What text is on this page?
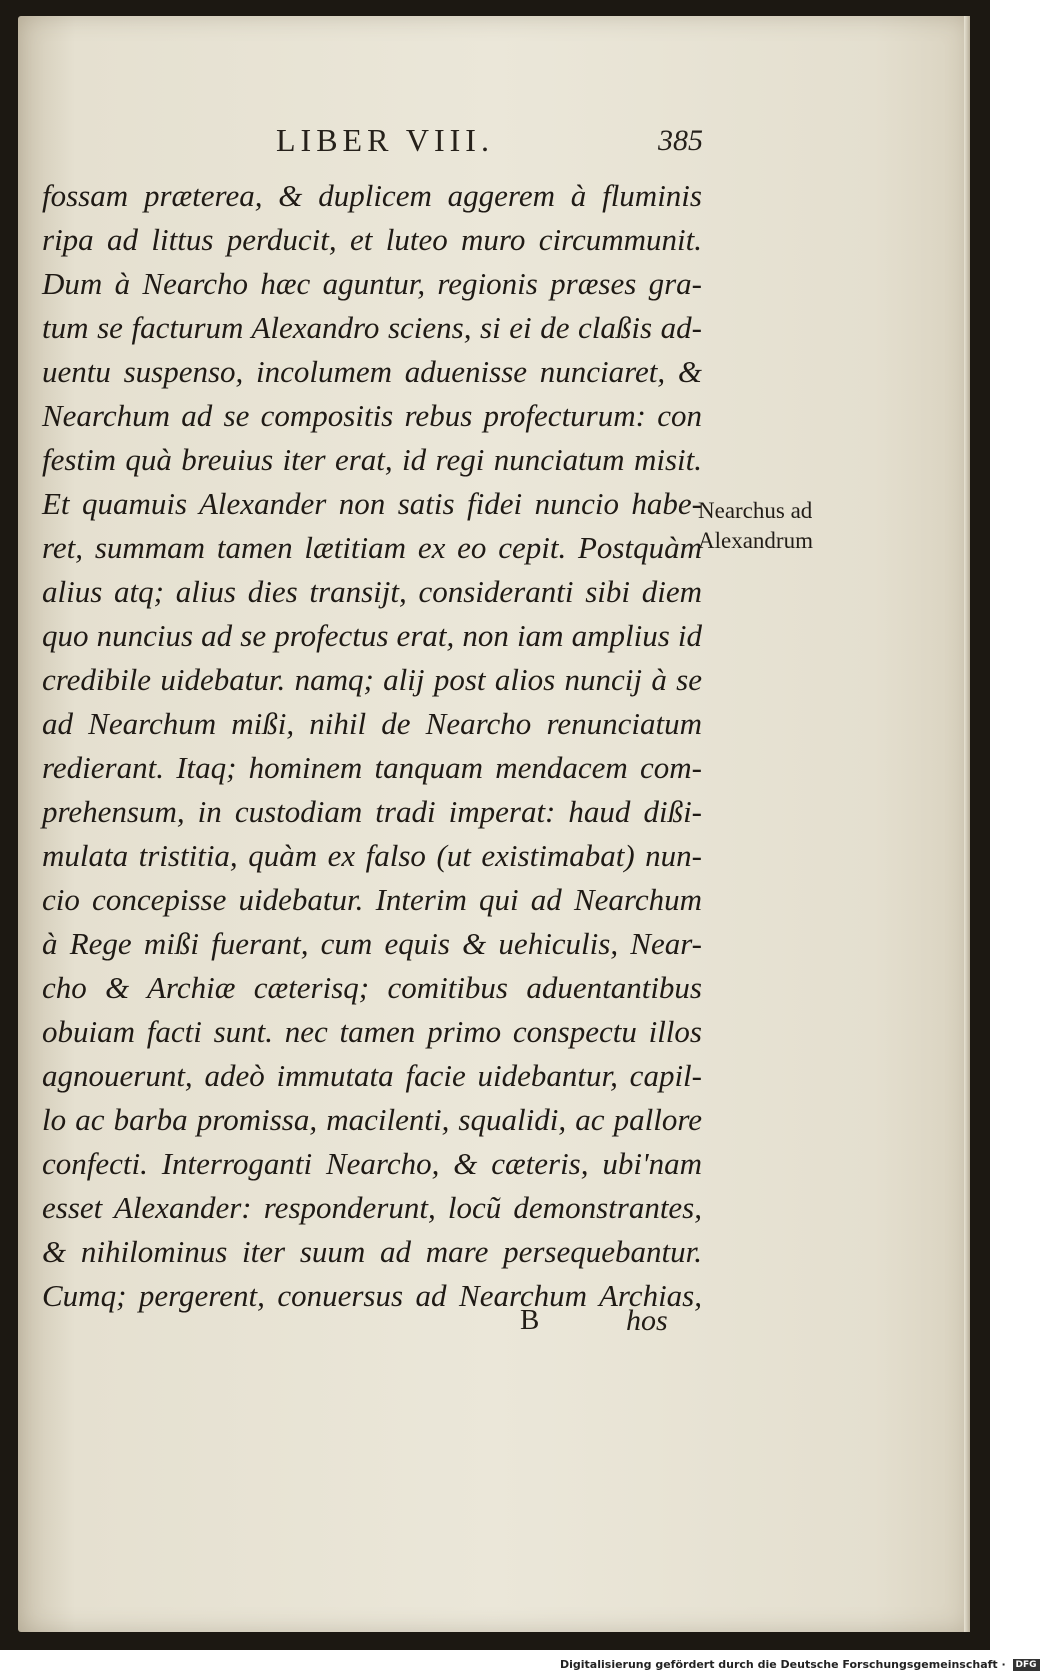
LIBER VIII.	385
fossam præterea, & duplicem aggerem à fluminis
ripa ad littus perducit, et luteo muro circummunit.
Dum à Nearcho hæc aguntur, regionis præses gra-
tum se facturum Alexandro sciens, si ei de claßis ad-
uentu suspenso, incolumem aduenisse nunciaret, &
Nearchum ad se compositis rebus profecturum: con
festim quà breuius iter erat, id regi nunciatum misit.
Et quamuis Alexander non satis fidei nuncio habe-
ret, summam tamen lætitiam ex eo cepit. Postquàm
alius atq; alius dies transijt, consideranti sibi diem
quo nuncius ad se profectus erat, non iam amplius id
credibile uidebatur. namq; alij post alios nuncij à se
ad Nearchum mißi, nihil de Nearcho renunciatum
redierant. Itaq; hominem tanquam mendacem com-
prehensum, in custodiam tradi imperat: haud dißi-
mulata tristitia, quàm ex falso (ut existimabat) nun-
cio concepisse uidebatur. Interim qui ad Nearchum
à Rege mißi fuerant, cum equis & uehiculis, Near-
cho & Archiæ cæterisq; comitibus aduentantibus
obuiam facti sunt. nec tamen primo conspectu illos
agnouerunt, adeò immutata facie uidebantur, capil-
lo ac barba promissa, macilenti, squalidi, ac pallore
confecti. Interroganti Nearcho, & cæteris, ubi'nam
esset Alexander: responderunt, locũ demonstrantes,
& nihilominus iter suum ad mare persequebantur.
Cumq; pergerent, conuersus ad Nearchum Archias,
Nearchus ad
Alexandrum
B	hos
Digitalisierung gefördert durch die Deutsche Forschungsgemeinschaft · DFG
